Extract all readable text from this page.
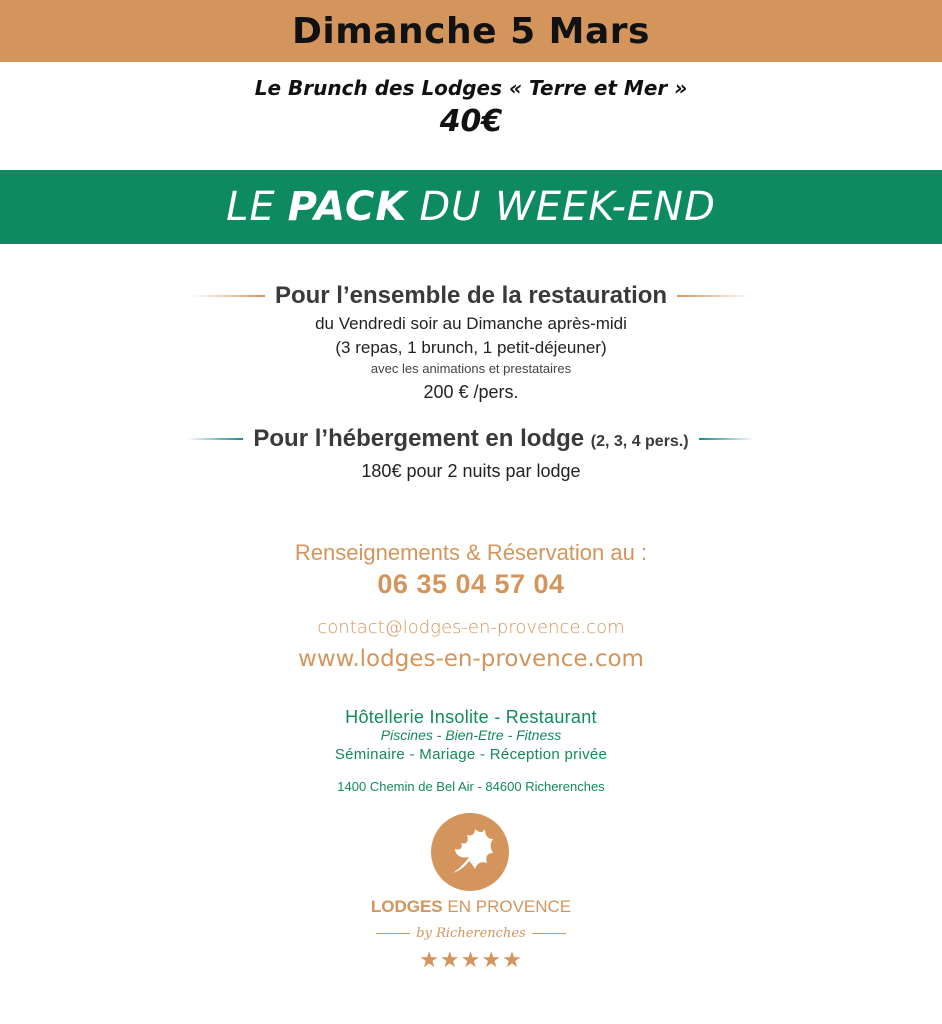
Dimanche 5 Mars
Le Brunch des Lodges « Terre et Mer »
40€
LE PACK DU WEEK-END
Pour l’ensemble de la restauration
du Vendredi soir au Dimanche après-midi
(3 repas, 1 brunch, 1 petit-déjeuner)
avec les animations et prestataires
200 € /pers.
Pour l’hébergement en lodge (2, 3, 4 pers.)
180€ pour 2 nuits par lodge
Renseignements & Réservation au :
06 35 04 57 04
contact@lodges-en-provence.com
www.lodges-en-provence.com
Hôtellerie Insolite - Restaurant
Piscines - Bien-Etre - Fitness
Séminaire - Mariage - Réception privée
1400 Chemin de Bel Air - 84600 Richerenches
LODGES EN PROVENCE
by Richerenches
★★★★★
